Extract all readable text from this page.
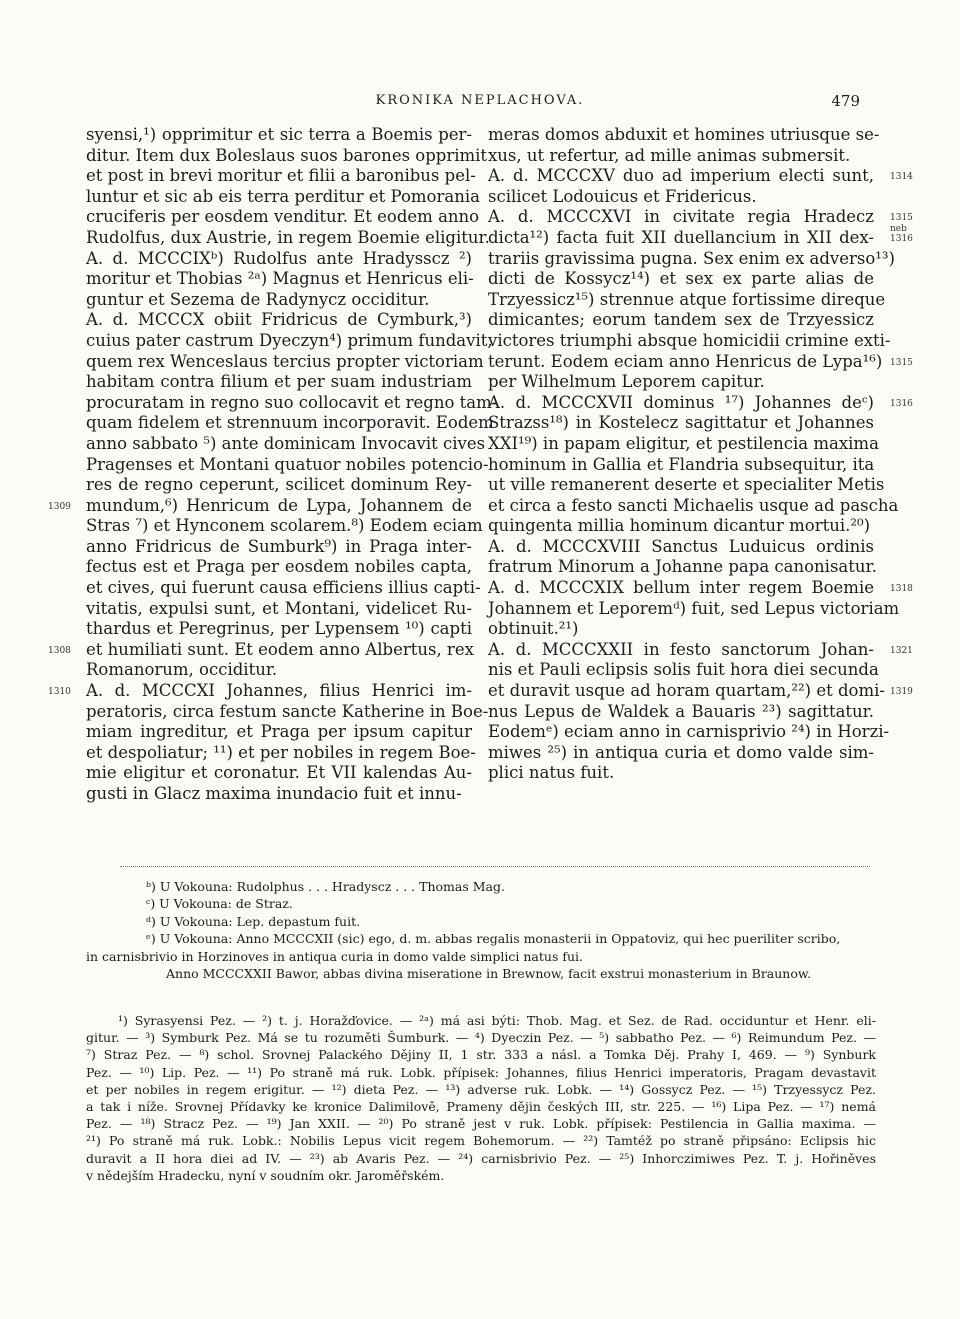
KRONIKA NEPLACHOVA.	479
syensi,¹) opprimitur et sic terra a Boemis per-
ditur. Item dux Boleslaus suos barones opprimit
et post in brevi moritur et filii a baronibus pel-
luntur et sic ab eis terra perditur et Pomorania
cruciferis per eosdem venditur. Et eodem anno
Rudolfus, dux Austrie, in regem Boemie eligitur.
A. d. MCCCIXᵇ) Rudolfus ante Hradysscz ²)
moritur et Thobias ²ᵃ) Magnus et Henricus eli-
guntur et Sezema de Radynycz occiditur.
A. d. MCCCX obiit Fridricus de Cymburk,³)
cuius pater castrum Dyeczyn⁴) primum fundavit,
quem rex Wenceslaus tercius propter victoriam
habitam contra filium et per suam industriam
procuratam in regno suo collocavit et regno tam-
quam fidelem et strennuum incorporavit. Eodem
anno sabbato ⁵) ante dominicam Invocavit cives
Pragenses et Montani quatuor nobiles potencio-
res de regno ceperunt, scilicet dominum Rey-
mundum,⁶) Henricum de Lypa, Johannem de
Stras ⁷) et Hynconem scolarem.⁸) Eodem eciam
anno Fridricus de Sumburk⁹) in Praga inter-
fectus est et Praga per eosdem nobiles capta,
et cives, qui fuerunt causa efficiens illius capti-
vitatis, expulsi sunt, et Montani, videlicet Ru-
thardus et Peregrinus, per Lypensem ¹⁰) capti
et humiliati sunt. Et eodem anno Albertus, rex
Romanorum, occiditur.
A. d. MCCCXI Johannes, filius Henrici im-
peratoris, circa festum sancte Katherine in Boe-
miam ingreditur, et Praga per ipsum capitur
et despoliatur; ¹¹) et per nobiles in regem Boe-
mie eligitur et coronatur. Et VII kalendas Au-
gusti in Glacz maxima inundacio fuit et innu-
meras domos abduxit et homines utriusque se-
xus, ut refertur, ad mille animas submersit.
A. d. MCCCXV duo ad imperium electi sunt,
scilicet Lodouicus et Fridericus.
A. d. MCCCXVI in civitate regia Hradecz
dicta¹²) facta fuit XII duellancium in XII dex-
trariis gravissima pugna. Sex enim ex adverso¹³)
dicti de Kossycz¹⁴) et sex ex parte alias de
Trzyessicz¹⁵) strennue atque fortissime direque
dimicantes; eorum tandem sex de Trzyessicz
victores triumphi absque homicidii crimine exti-
terunt. Eodem eciam anno Henricus de Lypa¹⁶)
per Wilhelmum Leporem capitur.
A. d. MCCCXVII dominus ¹⁷) Johannes deᶜ)
Strazss¹⁸) in Kostelecz sagittatur et Johannes
XXI¹⁹) in papam eligitur, et pestilencia maxima
hominum in Gallia et Flandria subsequitur, ita
ut ville remanerent deserte et specialiter Metis
et circa a festo sancti Michaelis usque ad pascha
quingenta millia hominum dicantur mortui.²⁰)
A. d. MCCCXVIII Sanctus Luduicus ordinis
fratrum Minorum a Johanne papa canonisatur.
A. d. MCCCXIX bellum inter regem Boemie
Johannem et Leporemᵈ) fuit, sed Lepus victoriam
obtinuit.²¹)
A. d. MCCCXXII in festo sanctorum Johan-
nis et Pauli eclipsis solis fuit hora diei secunda
et duravit usque ad horam quartam,²²) et domi-
nus Lepus de Waldek a Bauaris ²³) sagittatur.
Eodemᵉ) eciam anno in carnisprivio ²⁴) in Horzi-
miwes ²⁵) in antiqua curia et domo valde sim-
plici natus fuit.
1309
1308
1310
1314
1315
neb
1316
1315
1316
1318
1321
1319
ᵇ) U Vokouna: Rudolphus . . . Hradyscz . . . Thomas Mag.
ᶜ) U Vokouna: de Straz.
ᵈ) U Vokouna: Lep. depastum fuit.
ᵉ) U Vokouna: Anno MCCCXII (sic) ego, d. m. abbas regalis monasterii in Oppatoviz, qui hec pueriliter scribo,
in carnisbrivio in Horzinoves in antiqua curia in domo valde simplici natus fui.
Anno MCCCXXII Bawor, abbas divina miseratione in Brewnow, facit exstrui monasterium in Braunow.
¹) Syrasyensi Pez. — ²) t. j. Horažďovice. — ²ᵃ) má asi býti: Thob. Mag. et Sez. de Rad. occiduntur et Henr. eli-
gitur. — ³) Symburk Pez. Má se tu rozuměti Šumburk. — ⁴) Dyeczin Pez. — ⁵) sabbatho Pez. — ⁶) Reimundum Pez. —
⁷) Straz Pez. — ⁸) schol. Srovnej Palackého Dějiny II, 1 str. 333 a násl. a Tomka Děj. Prahy I, 469. — ⁹) Synburk
Pez. — ¹⁰) Lip. Pez. — ¹¹) Po straně má ruk. Lobk. přípisek: Johannes, filius Henrici imperatoris, Pragam devastavit
et per nobiles in regem erigitur. — ¹²) dieta Pez. — ¹³) adverse ruk. Lobk. — ¹⁴) Gossycz Pez. — ¹⁵) Trzyessycz Pez.
a tak i níže. Srovnej Přídavky ke kronice Dalimilově, Prameny dějin českých III, str. 225. — ¹⁶) Lipa Pez. — ¹⁷) nemá
Pez. — ¹⁸) Stracz Pez. — ¹⁹) Jan XXII. — ²⁰) Po straně jest v ruk. Lobk. přípisek: Pestilencia in Gallia maxima. —
²¹) Po straně má ruk. Lobk.: Nobilis Lepus vicit regem Bohemorum. — ²²) Tamtéž po straně připsáno: Eclipsis hic
duravit a II hora diei ad IV. — ²³) ab Avaris Pez. — ²⁴) carnisbrivio Pez. — ²⁵) Inhorczimiwes Pez. T. j. Hořiněves
v nědejším Hradecku, nyní v soudním okr. Jaroměřském.
